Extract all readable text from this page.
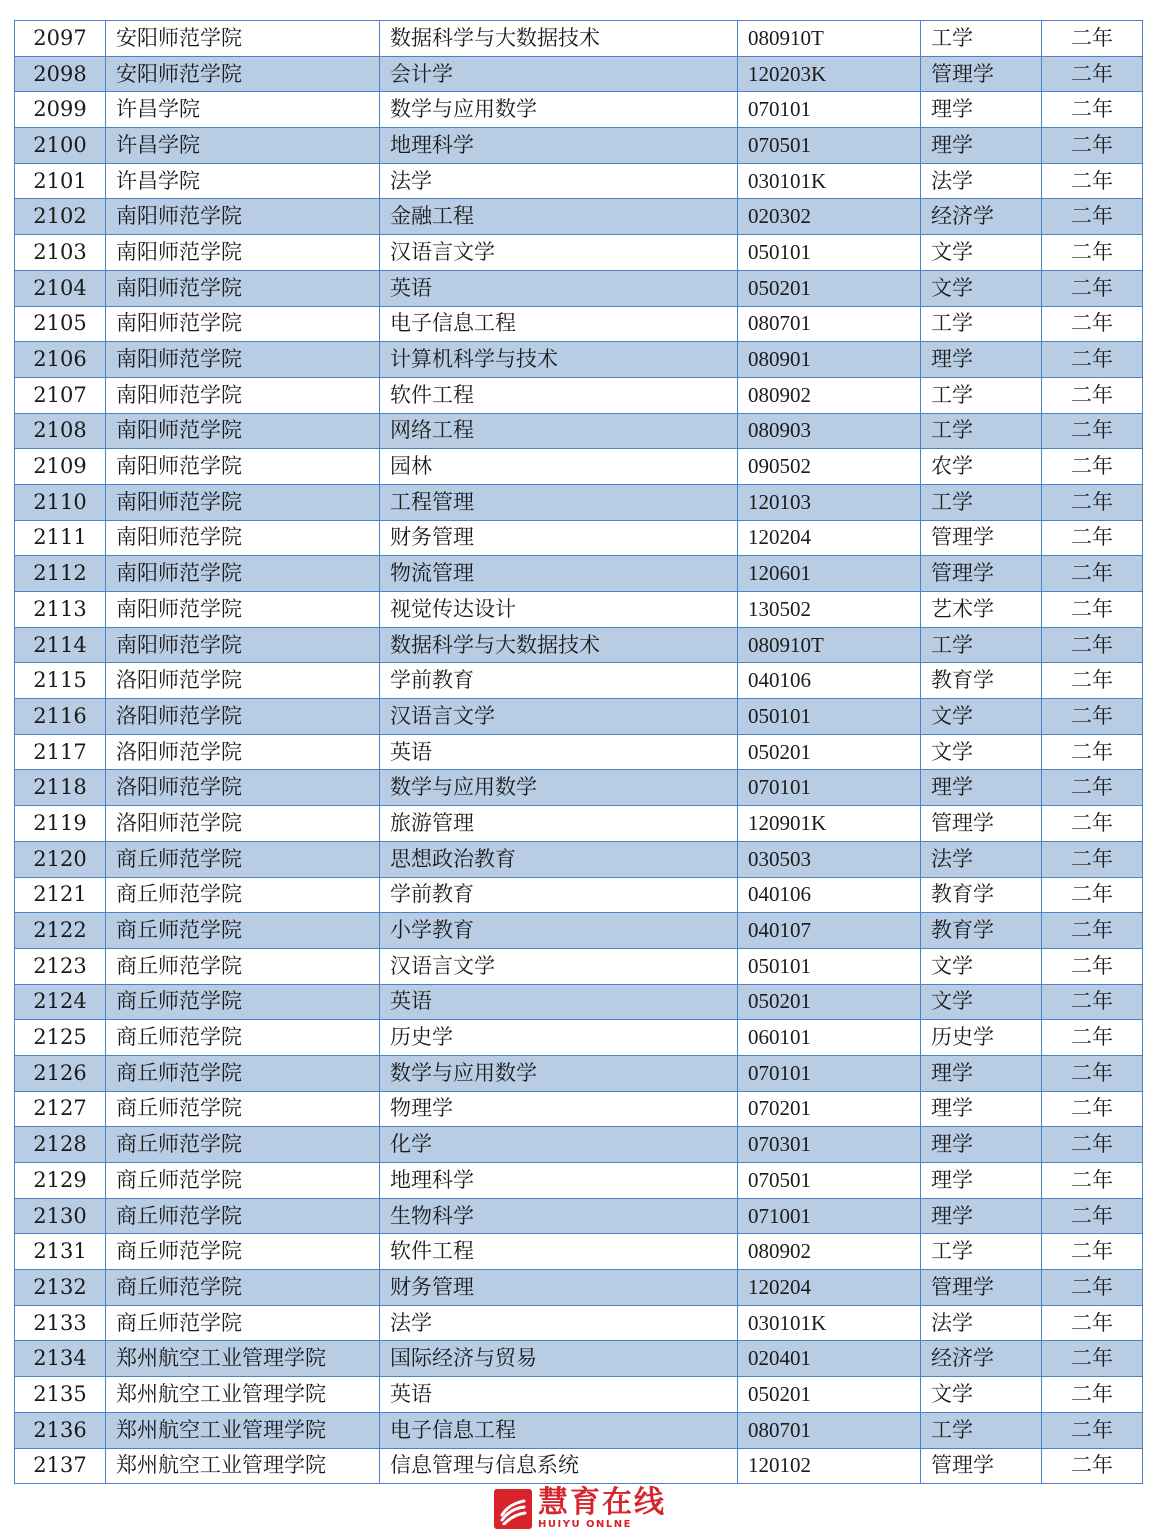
2097	安阳师范学院	数据科学与大数据技术	080910T	工学	二年
2098	安阳师范学院	会计学	120203K	管理学	二年
2099	许昌学院	数学与应用数学	070101	理学	二年
2100	许昌学院	地理科学	070501	理学	二年
2101	许昌学院	法学	030101K	法学	二年
2102	南阳师范学院	金融工程	020302	经济学	二年
2103	南阳师范学院	汉语言文学	050101	文学	二年
2104	南阳师范学院	英语	050201	文学	二年
2105	南阳师范学院	电子信息工程	080701	工学	二年
2106	南阳师范学院	计算机科学与技术	080901	理学	二年
2107	南阳师范学院	软件工程	080902	工学	二年
2108	南阳师范学院	网络工程	080903	工学	二年
2109	南阳师范学院	园林	090502	农学	二年
2110	南阳师范学院	工程管理	120103	工学	二年
2111	南阳师范学院	财务管理	120204	管理学	二年
2112	南阳师范学院	物流管理	120601	管理学	二年
2113	南阳师范学院	视觉传达设计	130502	艺术学	二年
2114	南阳师范学院	数据科学与大数据技术	080910T	工学	二年
2115	洛阳师范学院	学前教育	040106	教育学	二年
2116	洛阳师范学院	汉语言文学	050101	文学	二年
2117	洛阳师范学院	英语	050201	文学	二年
2118	洛阳师范学院	数学与应用数学	070101	理学	二年
2119	洛阳师范学院	旅游管理	120901K	管理学	二年
2120	商丘师范学院	思想政治教育	030503	法学	二年
2121	商丘师范学院	学前教育	040106	教育学	二年
2122	商丘师范学院	小学教育	040107	教育学	二年
2123	商丘师范学院	汉语言文学	050101	文学	二年
2124	商丘师范学院	英语	050201	文学	二年
2125	商丘师范学院	历史学	060101	历史学	二年
2126	商丘师范学院	数学与应用数学	070101	理学	二年
2127	商丘师范学院	物理学	070201	理学	二年
2128	商丘师范学院	化学	070301	理学	二年
2129	商丘师范学院	地理科学	070501	理学	二年
2130	商丘师范学院	生物科学	071001	理学	二年
2131	商丘师范学院	软件工程	080902	工学	二年
2132	商丘师范学院	财务管理	120204	管理学	二年
2133	商丘师范学院	法学	030101K	法学	二年
2134	郑州航空工业管理学院	国际经济与贸易	020401	经济学	二年
2135	郑州航空工业管理学院	英语	050201	文学	二年
2136	郑州航空工业管理学院	电子信息工程	080701	工学	二年
2137	郑州航空工业管理学院	信息管理与信息系统	120102	管理学	二年
慧育在线
HUIYU ONLNE
